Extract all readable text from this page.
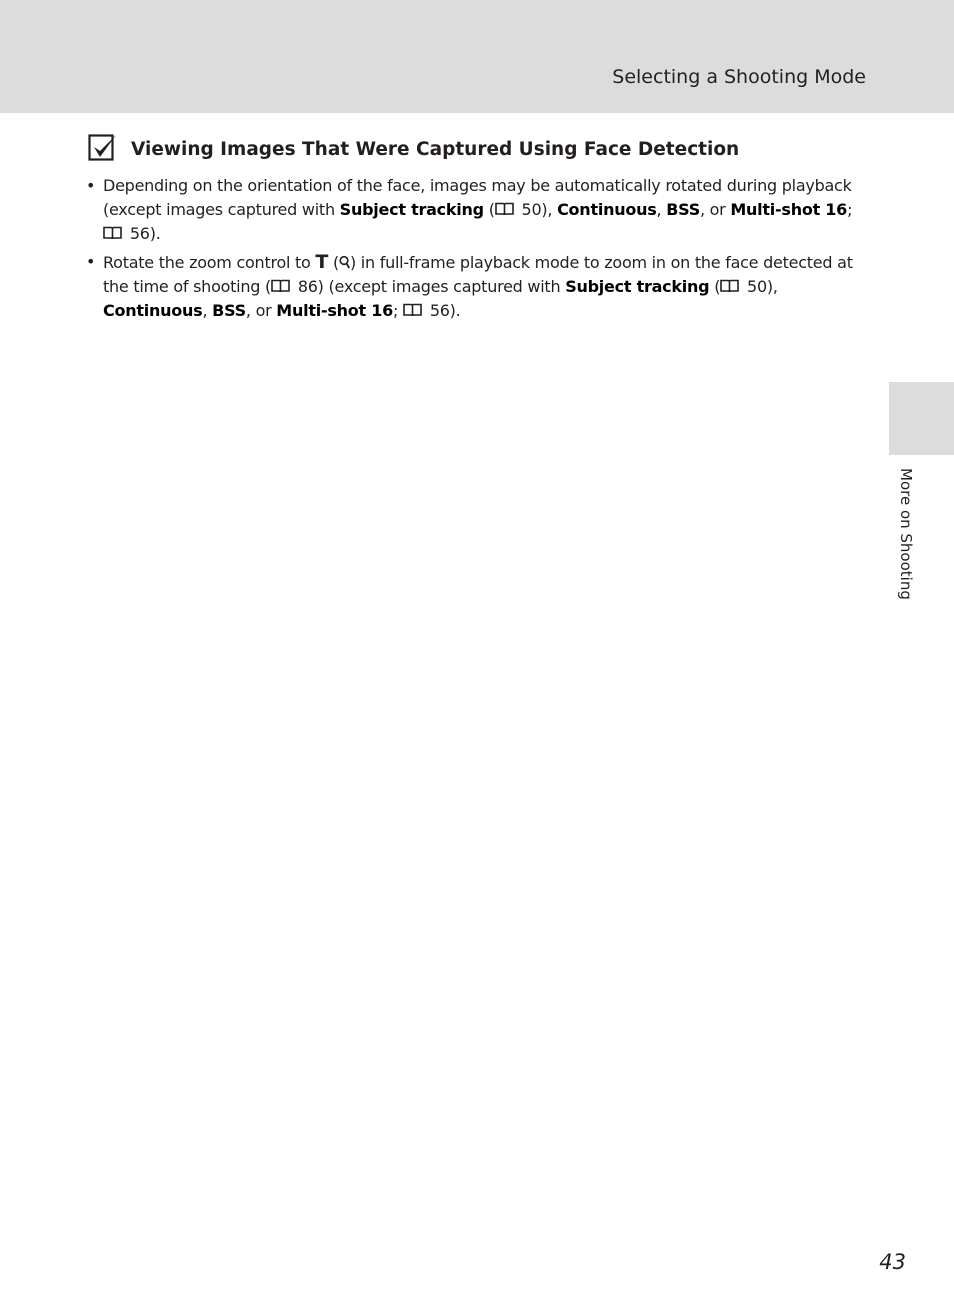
Selecting a Shooting Mode
Viewing Images That Were Captured Using Face Detection
• Depending on the orientation of the face, images may be automatically rotated during playback (except images captured with Subject tracking ( 50), Continuous, BSS, or Multi-shot 16;
56).
• Rotate the zoom control to T ( ) in full-frame playback mode to zoom in on the face detected at the time of shooting ( 86) (except images captured with Subject tracking ( 50),
Continuous, BSS, or Multi-shot 16;  56).
More on Shooting
43
